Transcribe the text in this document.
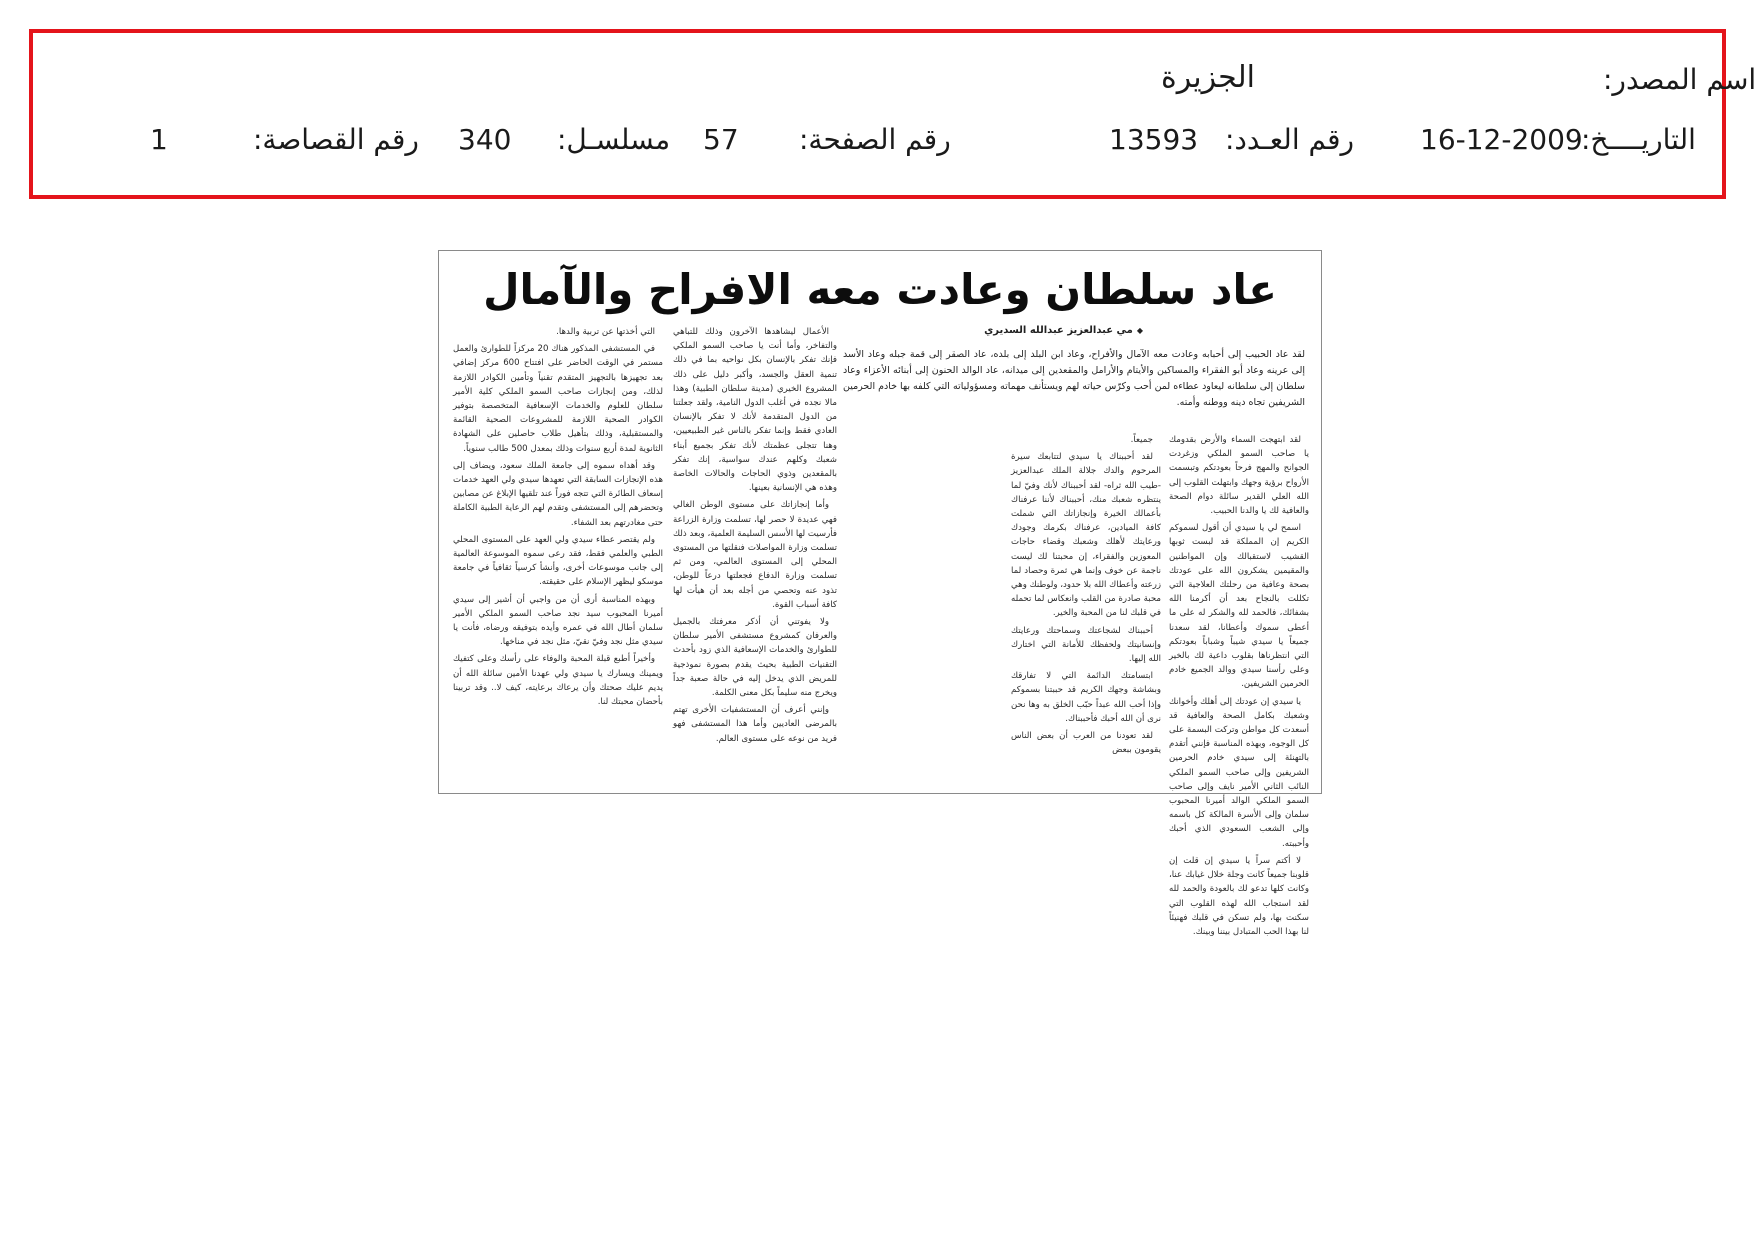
اسم المصدر:
الجزيرة
التاريــــخ:
16-12-2009
رقم العـدد:
13593
رقم الصفحة:
57
مسلسـل:
340
رقم القصاصة:
1
عاد سلطان وعادت معه الافراح والآمال
◆مي عبدالعزيز عبدالله السديري
لقد عاد الحبيب إلى أحبابه وعادت معه الآمال والأفراح، وعاد ابن البلد إلى بلده، عاد الصقر إلى قمة جبله وعاد الأسد إلى عرينه وعاد أبو الفقراء والمساكين والأيتام والأرامل والمقعدين إلى ميدانه، عاد الوالد الحنون إلى أبنائه الأعزاء وعاد سلطان إلى سلطانه ليعاود عطاءه لمن أحب وكرّس حياته لهم ويستأنف مهماته ومسؤولياته التي كلفه بها خادم الحرمين الشريفين تجاه دينه ووطنه وأمته.

لقد ابتهجت السماء والأرض بقدومك يا صاحب السمو الملكي وزغردت الجوانح والمهج فرحاً بعودتكم وتبسمت الأرواح برؤية وجهك وابتهلت القلوب إلى الله العلي القدير سائلة دوام الصحة والعافية لك يا والدنا الحبيب.

اسمح لي يا سيدي أن أقول لسموكم الكريم إن المملكة قد لبست ثوبها القشيب لاستقبالك وإن المواطنين والمقيمين يشكرون الله على عودتك بصحة وعافية من رحلتك العلاجية التي تكللت بالنجاح بعد أن أكرمنا الله بشفائك، فالحمد لله والشكر له على ما أعطى سموك وأعطانا، لقد سعدنا جميعاً يا سيدي شيباً وشباباً بعودتكم التي انتظرناها بقلوب داعية لك بالخير وعلى رأسنا سيدي ووالد الجميع خادم الحرمين الشريفين.

يا سيدي إن عودتك إلى أهلك وأخوانك وشعبك بكامل الصحة والعافية قد أسعدت كل مواطن وتركت البسمة على كل الوجوه، وبهذه المناسبة فإنني أتقدم بالتهنئة إلى سيدي خادم الحرمين الشريفين وإلى صاحب السمو الملكي النائب الثاني الأمير نايف وإلى صاحب السمو الملكي الوالد أميرنا المحبوب سلمان وإلى الأسرة المالكة كل باسمه وإلى الشعب السعودي الذي أحبك وأحببته.

لا أكتم سراً يا سيدي إن قلت إن قلوبنا جميعاً كانت وجلة خلال غيابك عنا، وكانت كلها تدعو لك بالعودة والحمد لله لقد استجاب الله لهذه القلوب التي سكنت بها، ولم تسكن في قلبك فهنيئاً لنا بهذا الحب المتبادل بيننا وبينك.

جميعاً.

لقد أحببناك يا سيدي لتتابعك سيرة المرحوم والدك جلالة الملك عبدالعزيز -طيب الله ثراه- لقد أحببناك لأنك وفيّ لما ينتظره شعبك منك، أحببناك لأننا عرفناك بأعمالك الخيرة وإنجازاتك التي شملت كافة الميادين، عرفناك بكرمك وجودك ورعايتك لأهلك وشعبك وقضاء حاجات المعوزين والفقراء، إن محبتنا لك ليست ناجمة عن خوف وإنما هي ثمرة وحصاد لما زرعته وأعطاك الله بلا حدود، ولوطنك وهي محبة صادرة من القلب وانعكاس لما تحمله في قلبك لنا من المحبة والخير.

أحببناك لشجاعتك وسماحتك ورعايتك وإنسانيتك ولحفظك للأمانة التي اختارك الله إليها.

ابتسامتك الدائمة التي لا تفارقك وبشاشة وجهك الكريم قد حببتنا بسموكم وإذا أحب الله عبداً حبّب الخلق به وها نحن نرى أن الله أحبك فأحببناك.

لقد تعودنا من العرب أن بعض الناس يقومون ببعض

الأعمال ليشاهدها الآخرون وذلك للتباهي والتفاخر، وأما أنت يا صاحب السمو الملكي فإنك تفكر بالإنسان بكل نواحيه بما في ذلك تنمية العقل والجسد، وأكبر دليل على ذلك المشروع الخيري (مدينة سلطان الطبية) وهذا مالا نجده في أغلب الدول النامية، ولقد جعلتنا من الدول المتقدمة لأنك لا تفكر بالإنسان العادي فقط وإنما تفكر بالناس غير الطبيعيين، وهنا تتجلى عظمتك لأنك تفكر بجميع أبناء شعبك وكلهم عندك سواسية، إنك تفكر بالمقعدين وذوي الحاجات والحالات الخاصة وهذه هي الإنسانية بعينها.

وأما إنجازاتك على مستوى الوطن الغالي فهي عديدة لا حصر لها، تسلمت وزارة الزراعة فأرسيت لها الأسس السليمة العلمية، وبعد ذلك تسلمت وزارة المواصلات فنقلتها من المستوى المحلي إلى المستوى العالمي، ومن ثم تسلمت وزارة الدفاع فجعلتها درعاً للوطن، تذود عنه وتحصي من أجله بعد أن هيأت لها كافة أسباب القوة.

ولا يفوتني أن أذكر معرفتك بالجميل والعرفان كمشروع مستشفى الأمير سلطان للطوارئ والخدمات الإسعافية الذي زود بأحدث التقنيات الطبية بحيث يقدم بصورة نموذجية للمريض الذي يدخل إليه في حالة صعبة جداً ويخرج منه سليماً بكل معنى الكلمة.

وإنني أعرف أن المستشفيات الأخرى تهتم بالمرضى العاديين وأما هذا المستشفى فهو فريد من نوعه على مستوى العالم.

التي أخذتها عن تربية والدها.

في المستشفى المذكور هناك 20 مركزاً للطوارئ والعمل مستمر في الوقت الحاضر على افتتاح 600 مركز إضافي بعد تجهيزها بالتجهيز المتقدم تقنياً وتأمين الكوادر اللازمة لذلك، ومن إنجازات صاحب السمو الملكي كلية الأمير سلطان للعلوم والخدمات الإسعافية المتخصصة بتوفير الكوادر الصحية اللازمة للمشروعات الصحية القائمة والمستقبلية، وذلك بتأهيل طلاب حاصلين على الشهادة الثانوية لمدة أربع سنوات وذلك بمعدل 500 طالب سنوياً.

وقد أهداه سموه إلى جامعة الملك سعود، ويضاف إلى هذه الإنجازات السابقة التي تعهدها سيدي ولي العهد خدمات إسعاف الطائرة التي تتجه فوراً عند تلقيها الإبلاغ عن مصابين وتحضرهم إلى المستشفى وتقدم لهم الرعاية الطبية الكاملة حتى مغادرتهم بعد الشفاء.

ولم يقتصر عطاء سيدي ولي العهد على المستوى المحلي الطبي والعلمي فقط، فقد رعى سموه الموسوعة العالمية إلى جانب موسوعات أخرى، وأنشأ كرسياً ثقافياً في جامعة موسكو ليظهر الإسلام على حقيقته.

وبهذه المناسبة أرى أن من واجبي أن أشير إلى سيدي أميرنا المحبوب سيد نجد صاحب السمو الملكي الأمير سلمان أطال الله في عمره وأيده بتوفيقه ورضاه، فأنت يا سيدي مثل نجد وفيّ نقيّ، مثل نجد في مناخها.

وأخيراً أطبع قبلة المحبة والوفاء على رأسك وعلى كتفيك ويمينك ويسارك يا سيدي ولي عهدنا الأمين سائلة الله أن يديم عليك صحتك وأن يرعاك برعايته، كيف لا.. وقد تربينا بأحضان محبتك لنا.
